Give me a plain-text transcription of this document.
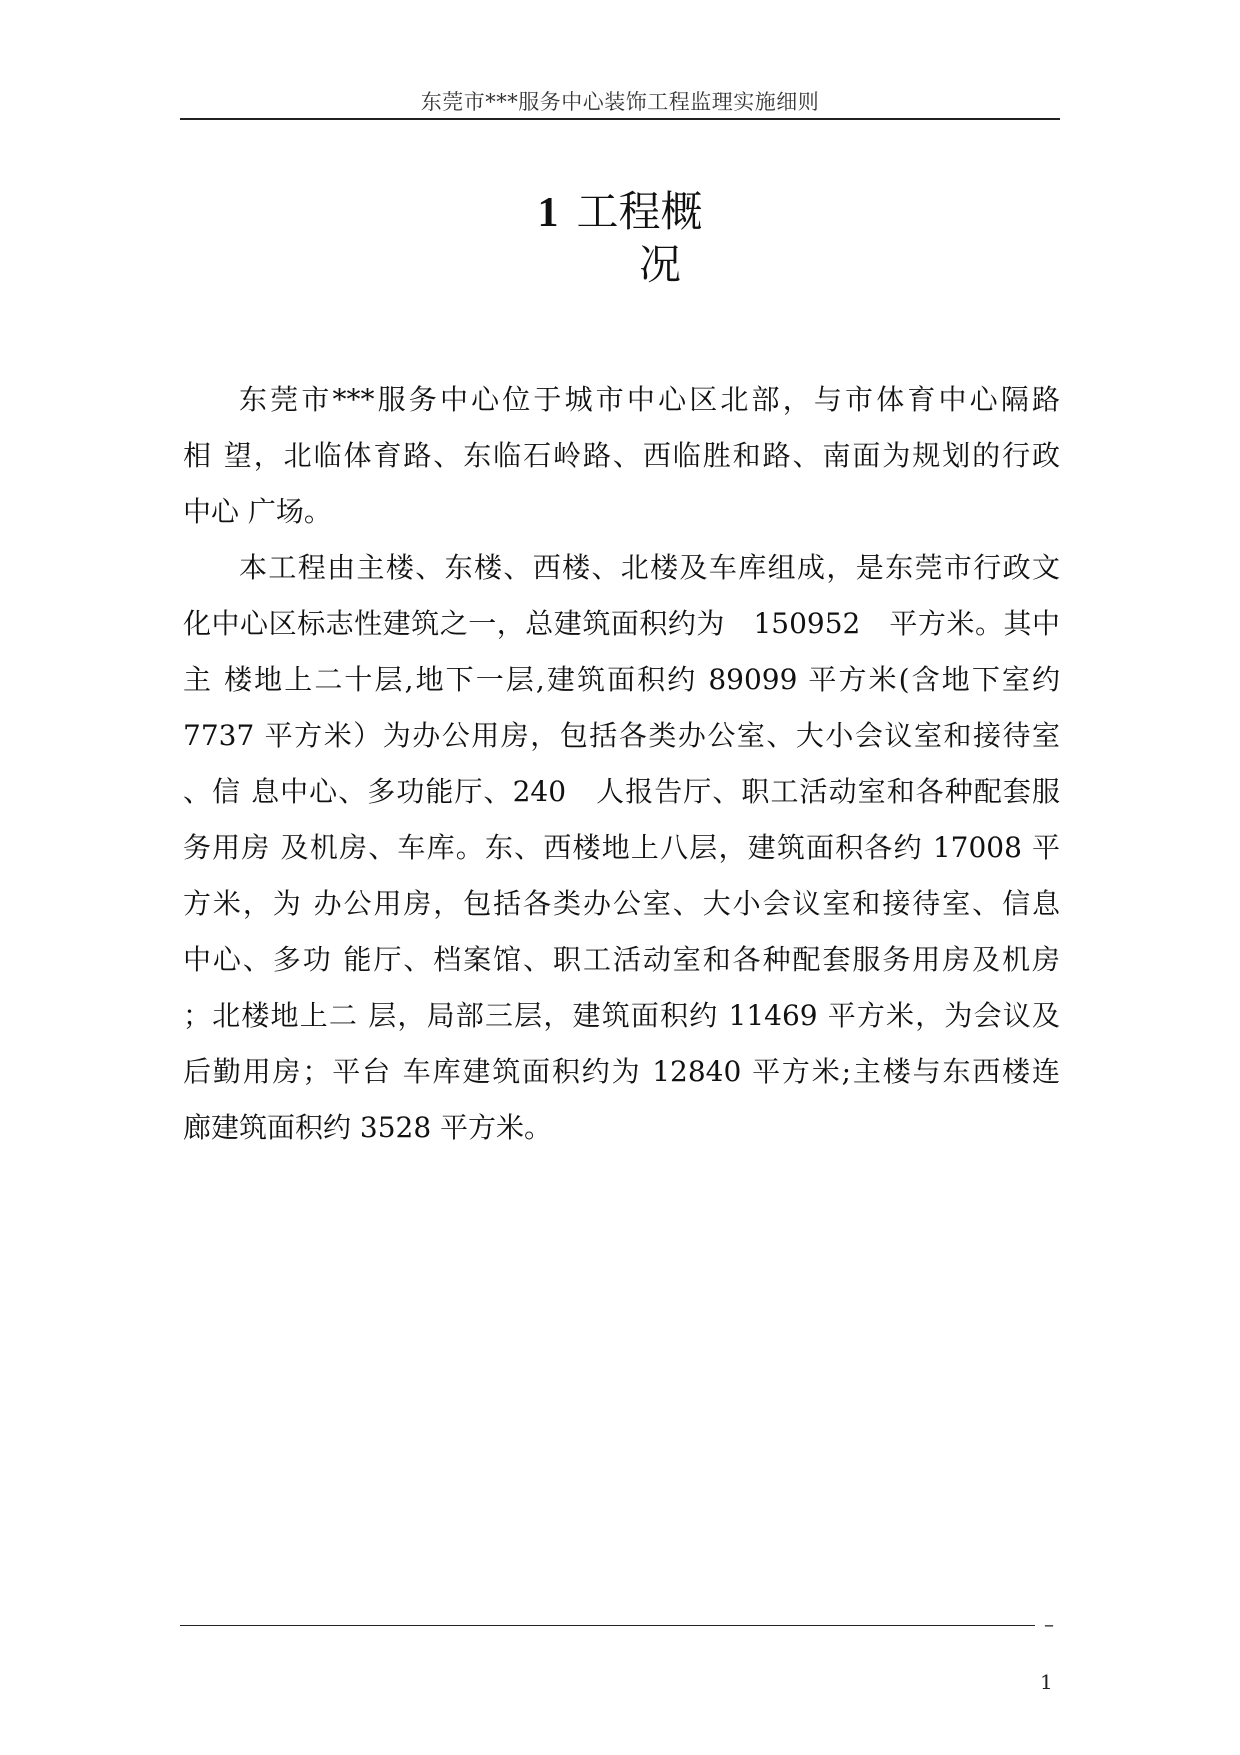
东莞市***服务中心装饰工程监理实施细则
1 工程概
况

东莞市***服务中心位于城市中心区北部，与市体育中心隔路
相 望，北临体育路、东临石岭路、西临胜和路、南面为规划的行政
中心 广场。

本工程由主楼、东楼、西楼、北楼及车库组成，是东莞市行政文
化中心区标志性建筑之一，总建筑面积约为　150952　平方米。其中
主 楼地上二十层,地下一层,建筑面积约 89099 平方米(含地下室约
7737 平方米）为办公用房，包括各类办公室、大小会议室和接待室
、信 息中心、多功能厅、240　人报告厅、职工活动室和各种配套服
务用房 及机房、车库。东、西楼地上八层，建筑面积各约 17008 平
方米，为 办公用房，包括各类办公室、大小会议室和接待室、信息
中心、多功 能厅、档案馆、职工活动室和各种配套服务用房及机房
；北楼地上二 层，局部三层，建筑面积约 11469 平方米，为会议及
后勤用房；平台 车库建筑面积约为 12840 平方米;主楼与东西楼连
廊建筑面积约 3528 平方米。

–
1
